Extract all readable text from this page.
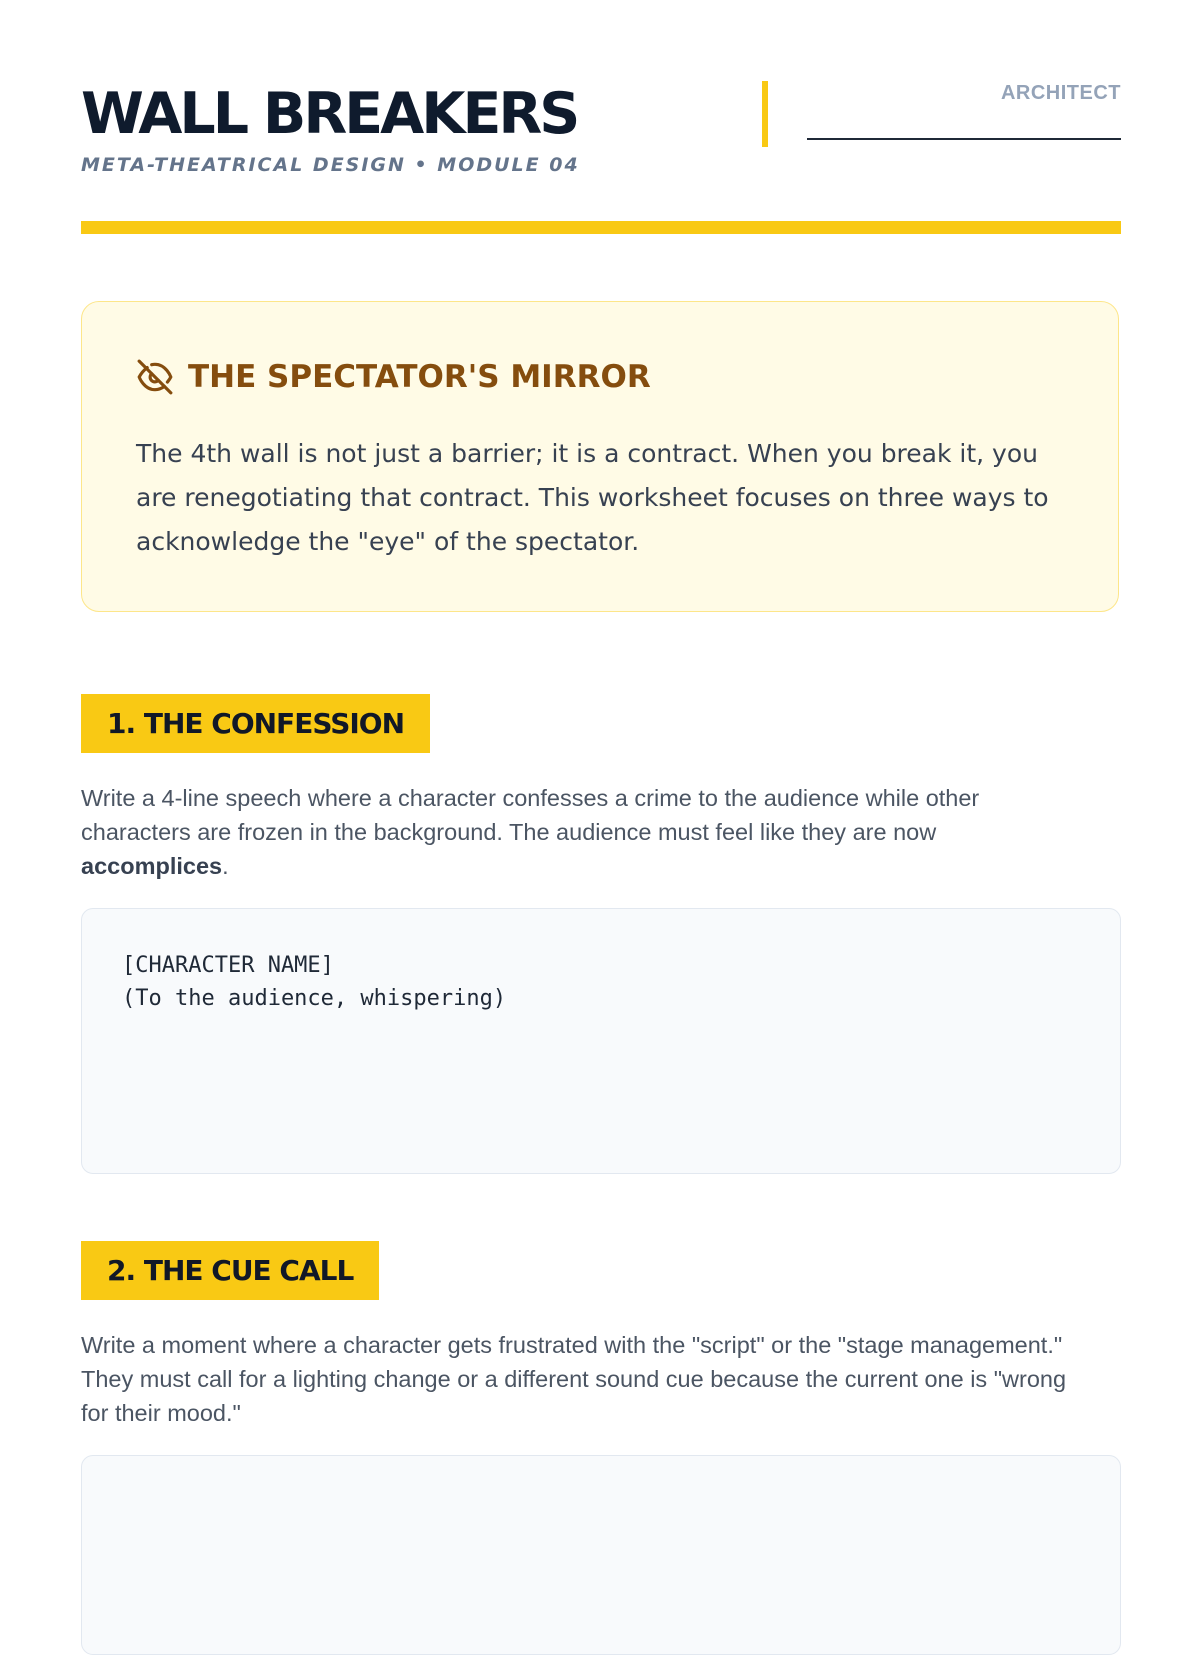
WALL BREAKERS
META-THEATRICAL DESIGN • MODULE 04
ARCHITECT
THE SPECTATOR'S MIRROR

The 4th wall is not just a barrier; it is a contract. When you break it, you are renegotiating that contract. This worksheet focuses on three ways to acknowledge the "eye" of the spectator.

1. THE CONFESSION

Write a 4-line speech where a character confesses a crime to the audience while other characters are frozen in the background. The audience must feel like they are now accomplices.

[CHARACTER NAME]
(To the audience, whispering)
2. THE CUE CALL

Write a moment where a character gets frustrated with the "script" or the "stage management." They must call for a lighting change or a different sound cue because the current one is "wrong for their mood."
